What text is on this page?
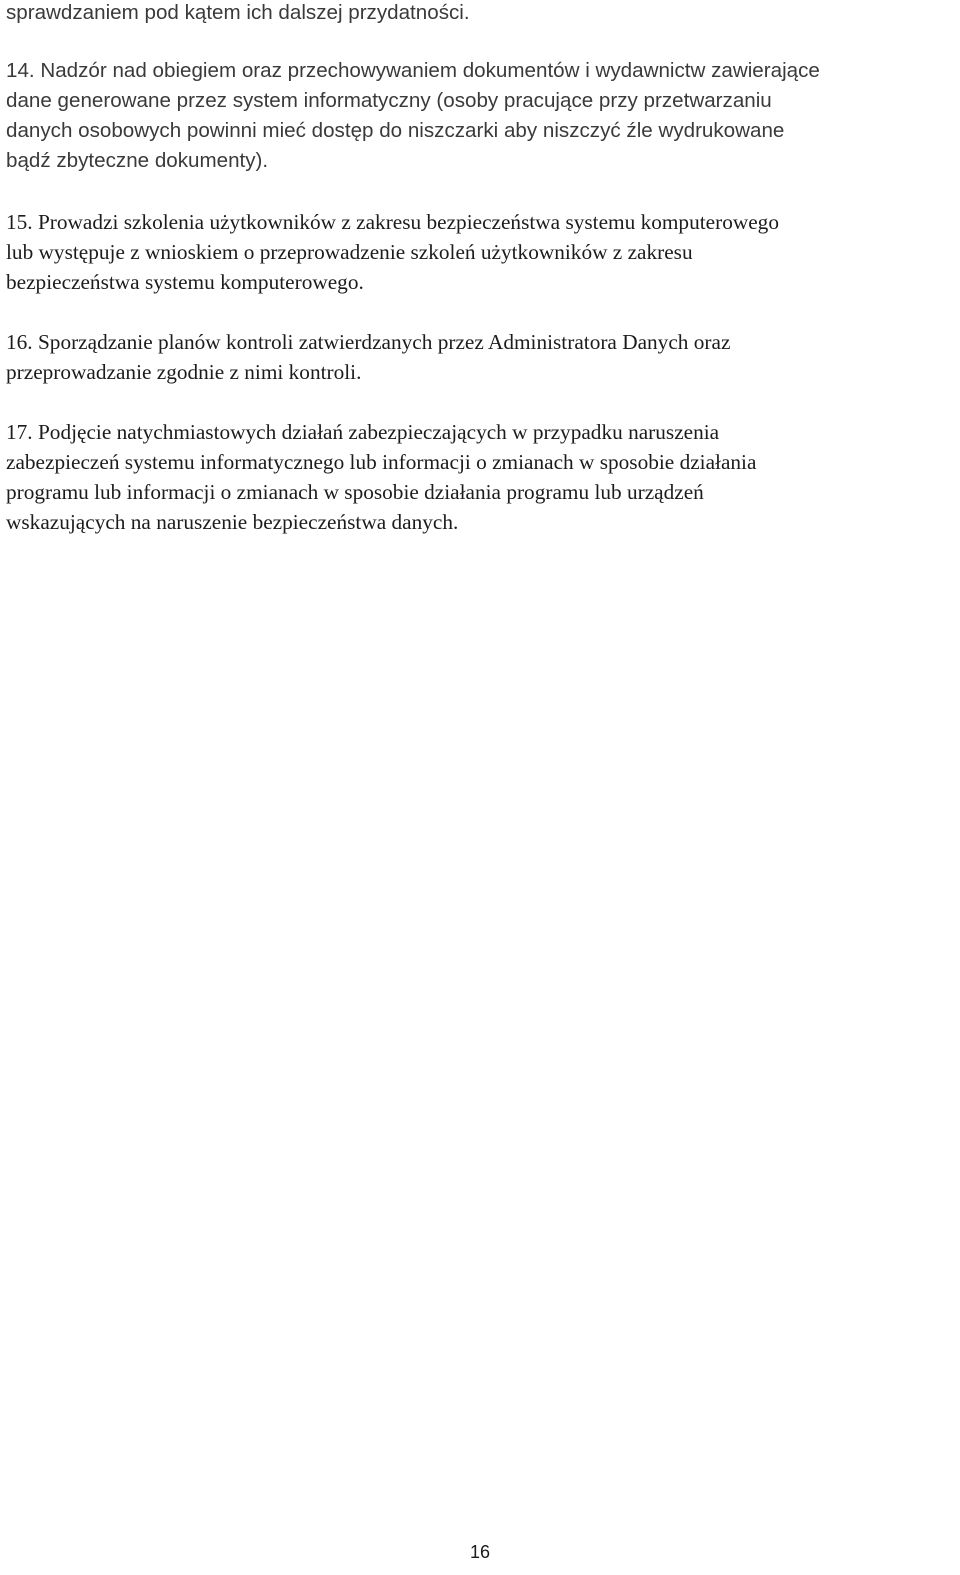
sprawdzaniem pod kątem ich dalszej przydatności.

14. Nadzór nad obiegiem oraz przechowywaniem dokumentów i wydawnictw zawierające
dane generowane przez system informatyczny (osoby pracujące przy przetwarzaniu
danych osobowych powinni mieć dostęp do niszczarki aby niszczyć źle wydrukowane
bądź zbyteczne dokumenty).

15. Prowadzi szkolenia użytkowników z zakresu bezpieczeństwa systemu komputerowego
lub występuje z wnioskiem o przeprowadzenie szkoleń użytkowników z zakresu
bezpieczeństwa systemu komputerowego.

16. Sporządzanie planów kontroli zatwierdzanych przez Administratora Danych oraz
przeprowadzanie zgodnie z nimi kontroli.

17. Podjęcie natychmiastowych działań zabezpieczających w przypadku naruszenia
zabezpieczeń systemu informatycznego lub informacji o zmianach w sposobie działania
programu lub informacji o zmianach w sposobie działania programu lub urządzeń
wskazujących na naruszenie bezpieczeństwa danych.

16
